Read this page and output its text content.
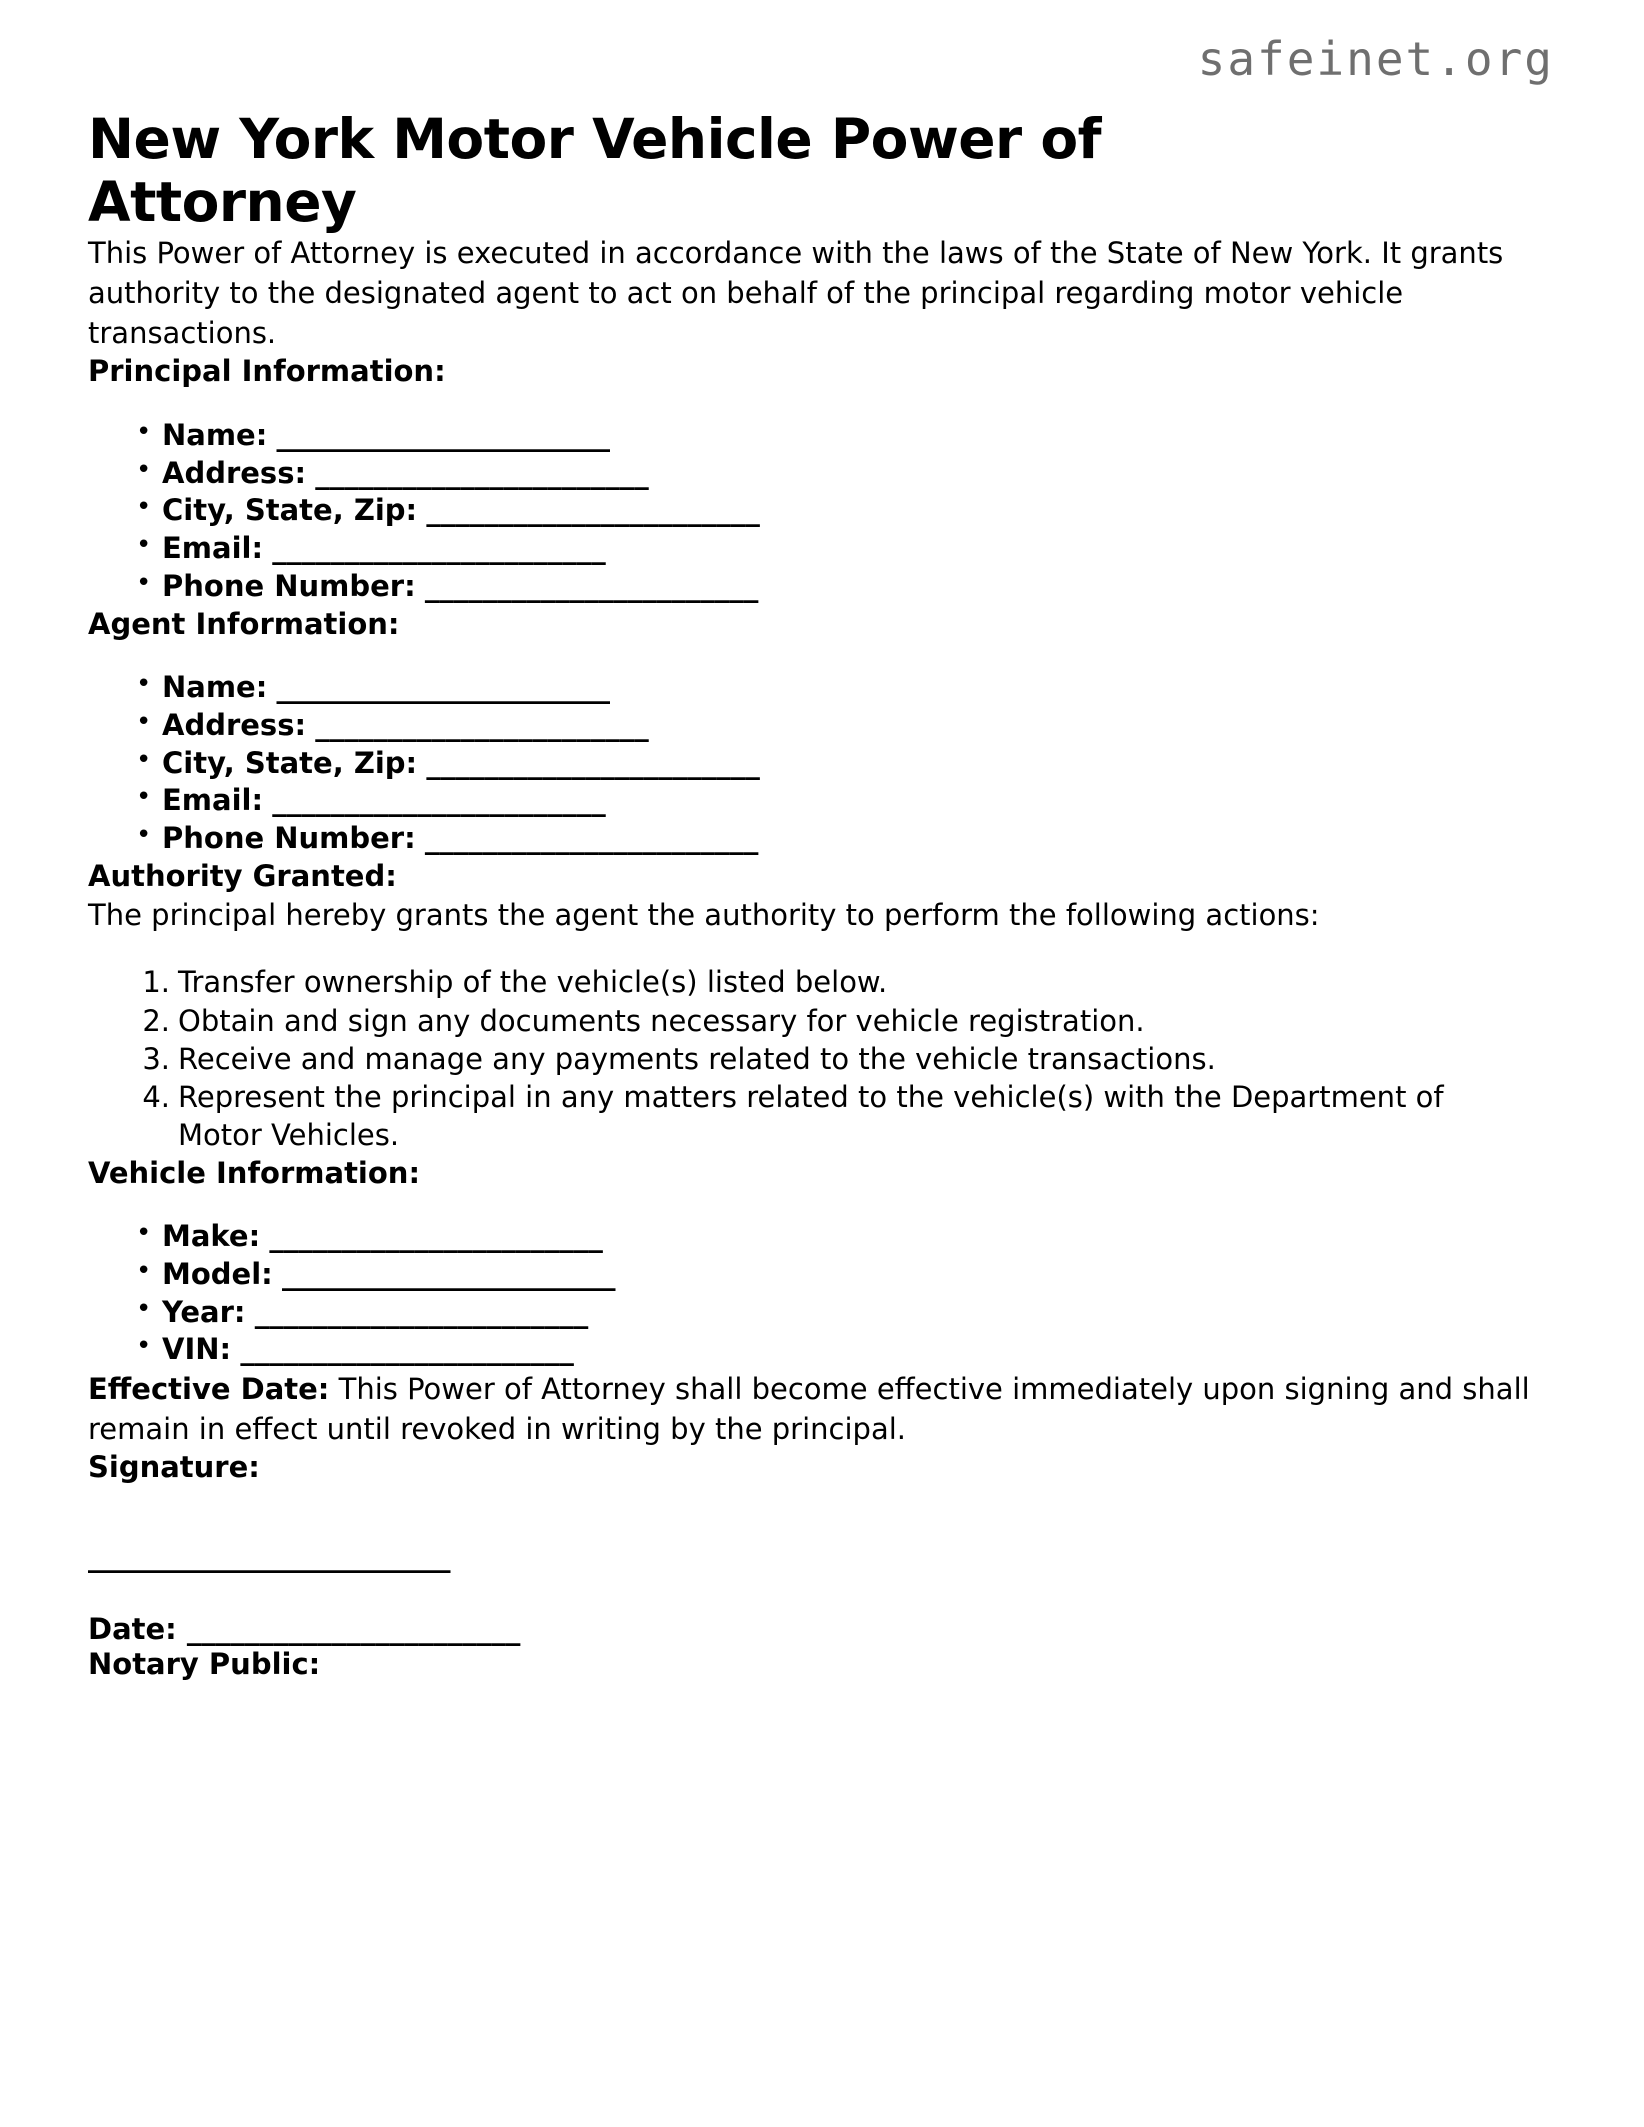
safeinet.org
New York Motor Vehicle Power of Attorney

This Power of Attorney is executed in accordance with the laws of the State of New York. It grants authority to the designated agent to act on behalf of the principal regarding motor vehicle transactions.

Principal Information:
• Name: _______________________
• Address: _______________________
• City, State, Zip: _______________________
• Email: _______________________
• Phone Number: _______________________
Agent Information:
• Name: _______________________
• Address: _______________________
• City, State, Zip: _______________________
• Email: _______________________
• Phone Number: _______________________
Authority Granted:

The principal hereby grants the agent the authority to perform the following actions:

Transfer ownership of the vehicle(s) listed below.
Obtain and sign any documents necessary for vehicle registration.
Receive and manage any payments related to the vehicle transactions.
Represent the principal in any matters related to the vehicle(s) with the Department of Motor Vehicles.
Vehicle Information:
• Make: _______________________
• Model: _______________________
• Year: _______________________
• VIN: _______________________

Effective Date: This Power of Attorney shall become effective immediately upon signing and shall remain in effect until revoked in writing by the principal.

Signature:
_________________________
Date: _______________________
Notary Public:
